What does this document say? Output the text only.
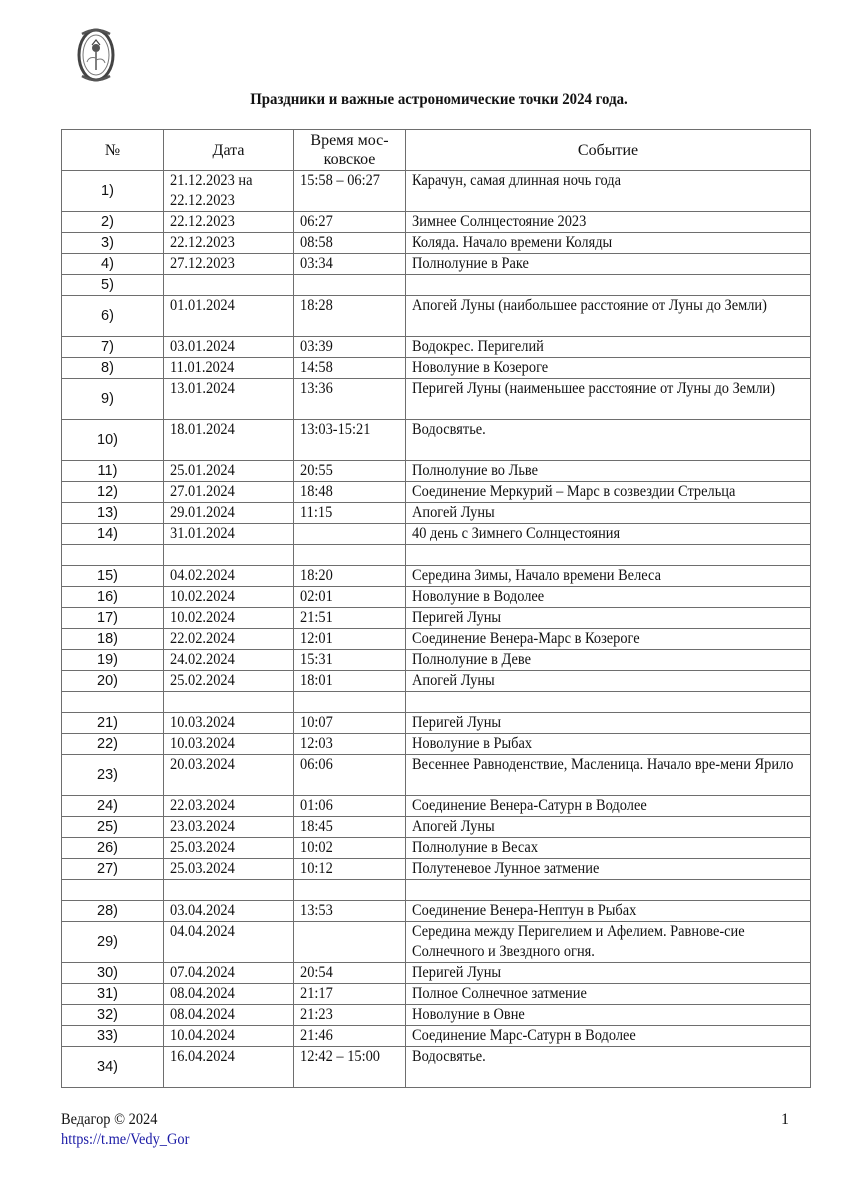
Праздники и важные астрономические точки 2024 года.
№	Дата	Время мос-ковское	Событие
1)	21.12.2023 на 22.12.2023	15:58 – 06:27	Карачун, самая длинная ночь года
2)	22.12.2023	06:27	Зимнее Солнцестояние 2023
3)	22.12.2023	08:58	Коляда. Начало времени Коляды
4)	27.12.2023	03:34	Полнолуние в Раке
5)			
6)	01.01.2024	18:28	Апогей Луны (наибольшее расстояние от Луны до Земли)
7)	03.01.2024	03:39	Водокрес. Перигелий
8)	11.01.2024	14:58	Новолуние в Козероге
9)	13.01.2024	13:36	Перигей Луны (наименьшее расстояние от Луны до Земли)
10)	18.01.2024	13:03-15:21	Водосвятье.
11)	25.01.2024	20:55	Полнолуние во Льве
12)	27.01.2024	18:48	Соединение Меркурий – Марс в созвездии Стрельца
13)	29.01.2024	11:15	Апогей Луны
14)	31.01.2024		40 день с Зимнего Солнцестояния

15)	04.02.2024	18:20	Середина Зимы, Начало времени Велеса
16)	10.02.2024	02:01	Новолуние в Водолее
17)	10.02.2024	21:51	Перигей Луны
18)	22.02.2024	12:01	Соединение Венера-Марс в Козероге
19)	24.02.2024	15:31	Полнолуние в Деве
20)	25.02.2024	18:01	Апогей Луны

21)	10.03.2024	10:07	Перигей Луны
22)	10.03.2024	12:03	Новолуние в Рыбах
23)	20.03.2024	06:06	Весеннее Равноденствие, Масленица. Начало вре-мени Ярило
24)	22.03.2024	01:06	Соединение Венера-Сатурн в Водолее
25)	23.03.2024	18:45	Апогей Луны
26)	25.03.2024	10:02	Полнолуние в Весах
27)	25.03.2024	10:12	Полутеневое Лунное затмение

28)	03.04.2024	13:53	Соединение Венера-Нептун в Рыбах
29)	04.04.2024		Середина между Перигелием и Афелием. Равнове-сие Солнечного и Звездного огня.
30)	07.04.2024	20:54	Перигей Луны
31)	08.04.2024	21:17	Полное Солнечное затмение
32)	08.04.2024	21:23	Новолуние в Овне
33)	10.04.2024	21:46	Соединение Марс-Сатурн в Водолее
34)	16.04.2024	12:42 – 15:00	Водосвятье.
Ведагор © 2024
https://t.me/Vedy_Gor
1
